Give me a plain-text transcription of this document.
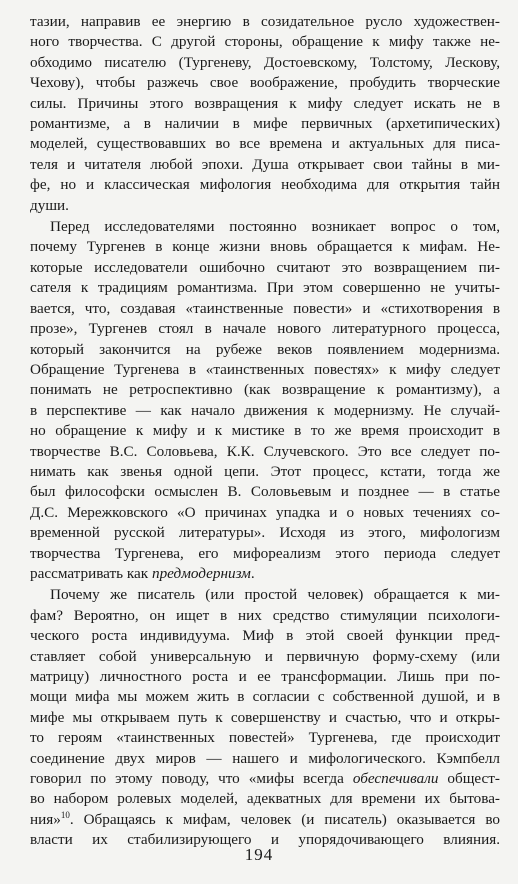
тазии, направив ее энергию в созидательное русло художествен-
ного творчества. С другой стороны, обращение к мифу также не-
обходимо писателю (Тургеневу, Достоевскому, Толстому, Лескову,
Чехову), чтобы разжечь свое воображение, пробудить творческие
силы. Причины этого возвращения к мифу следует искать не в
романтизме, а в наличии в мифе первичных (архетипических)
моделей, существовавших во все времена и актуальных для писа-
теля и читателя любой эпохи. Душа открывает свои тайны в ми-
фе, но и классическая мифология необходима для открытия тайн
души.
Перед исследователями постоянно возникает вопрос о том,
почему Тургенев в конце жизни вновь обращается к мифам. Не-
которые исследователи ошибочно считают это возвращением пи-
сателя к традициям романтизма. При этом совершенно не учиты-
вается, что, создавая «таинственные повести» и «стихотворения в
прозе», Тургенев стоял в начале нового литературного процесса,
который закончится на рубеже веков появлением модернизма.
Обращение Тургенева в «таинственных повестях» к мифу следует
понимать не ретроспективно (как возвращение к романтизму), а
в перспективе — как начало движения к модернизму. Не случай-
но обращение к мифу и к мистике в то же время происходит в
творчестве В.С. Соловьева, К.К. Случевского. Это все следует по-
нимать как звенья одной цепи. Этот процесс, кстати, тогда же
был философски осмыслен В. Соловьевым и позднее — в статье
Д.С. Мережковского «О причинах упадка и о новых течениях со-
временной русской литературы». Исходя из этого, мифологизм
творчества Тургенева, его мифореализм этого периода следует
рассматривать как предмодернизм.
Почему же писатель (или простой человек) обращается к ми-
фам? Вероятно, он ищет в них средство стимуляции психологи-
ческого роста индивидуума. Миф в этой своей функции пред-
ставляет собой универсальную и первичную форму-схему (или
матрицу) личностного роста и ее трансформации. Лишь при по-
мощи мифа мы можем жить в согласии с собственной душой, и в
мифе мы открываем путь к совершенству и счастью, что и откры-
то героям «таинственных повестей» Тургенева, где происходит
соединение двух миров — нашего и мифологического. Кэмпбелл
говорил по этому поводу, что «мифы всегда обеспечивали общест-
во набором ролевых моделей, адекватных для времени их бытова-
ния»$^{10}$. Обращаясь к мифам, человек (и писатель) оказывается во
власти их стабилизирующего и упорядочивающего влияния.
194
